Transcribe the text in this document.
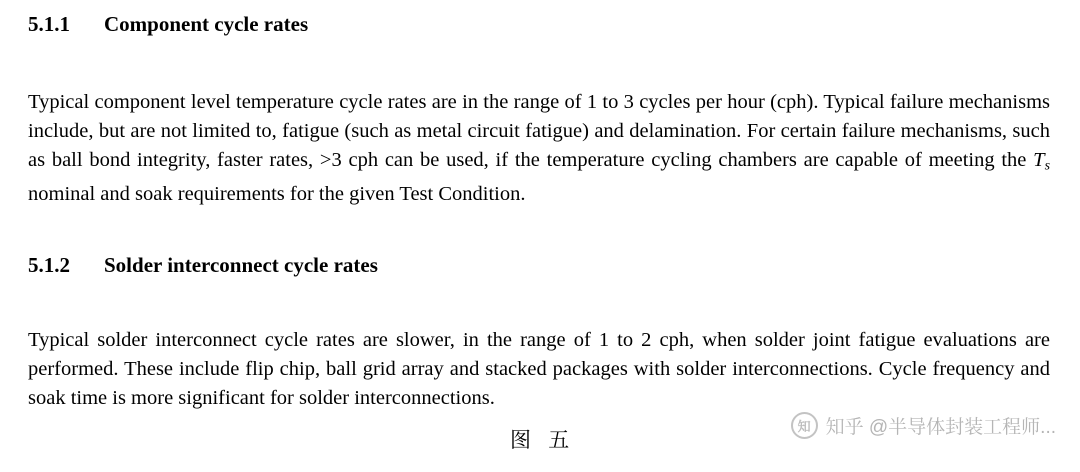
5.1.1 Component cycle rates

Typical component level temperature cycle rates are in the range of 1 to 3 cycles per hour (cph). Typical failure mechanisms include, but are not limited to, fatigue (such as metal circuit fatigue) and delamination. For certain failure mechanisms, such as ball bond integrity, faster rates, >3 cph can be used, if the temperature cycling chambers are capable of meeting the $T_s$ nominal and soak requirements for the given Test Condition.

5.1.2 Solder interconnect cycle rates

Typical solder interconnect cycle rates are slower, in the range of 1 to 2 cph, when solder joint fatigue evaluations are performed. These include flip chip, ball grid array and stacked packages with solder interconnections. Cycle frequency and soak time is more significant for solder interconnections.

图 五
知 知乎 @半导体封装工程师...
